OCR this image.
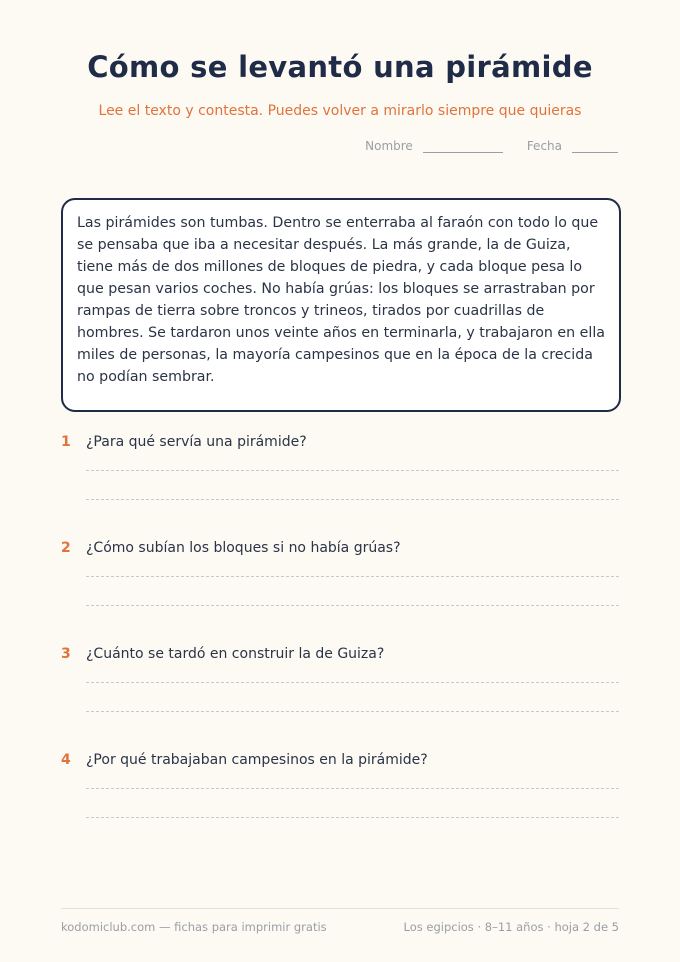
Cómo se levantó una pirámide
Lee el texto y contesta. Puedes volver a mirarlo siempre que quieras
Nombre	Fecha
Las pirámides son tumbas. Dentro se enterraba al faraón con todo lo que se pensaba que iba a necesitar después. La más grande, la de Guiza, tiene más de dos millones de bloques de piedra, y cada bloque pesa lo que pesan varios coches. No había grúas: los bloques se arrastraban por rampas de tierra sobre troncos y trineos, tirados por cuadrillas de hombres. Se tardaron unos veinte años en terminarla, y trabajaron en ella miles de personas, la mayoría campesinos que en la época de la crecida no podían sembrar.
1	¿Para qué servía una pirámide?
2	¿Cómo subían los bloques si no había grúas?
3	¿Cuánto se tardó en construir la de Guiza?
4	¿Por qué trabajaban campesinos en la pirámide?
kodomiclub.com — fichas para imprimir gratis	Los egipcios · 8–11 años · hoja 2 de 5
